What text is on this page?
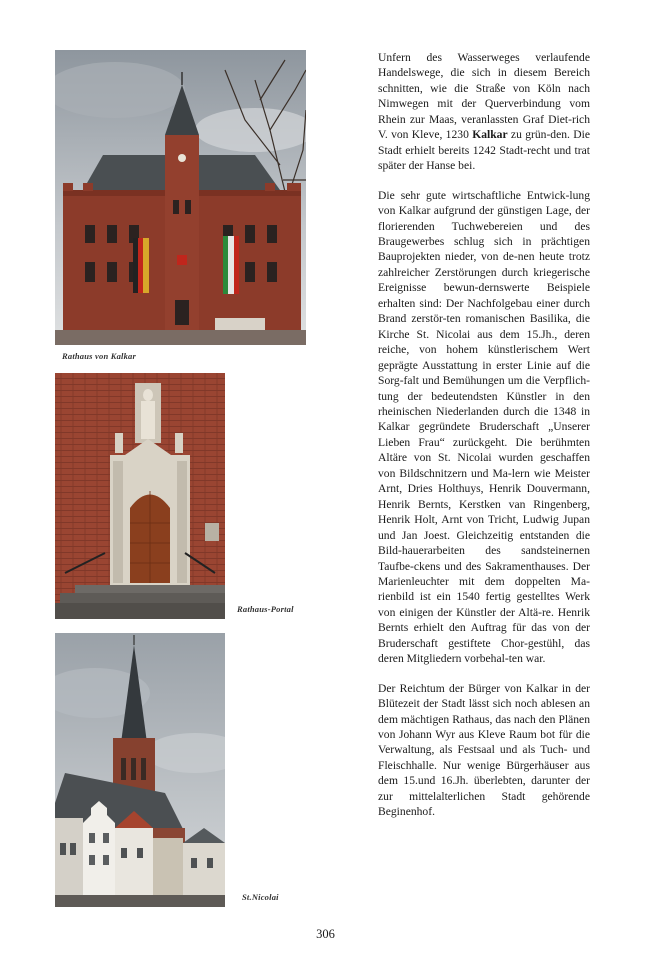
Rathaus von Kalkar
Rathaus-Portal
St.Nicolai

Unfern des Wasserweges verlaufende Handelswege, die sich in diesem Bereich schnitten, wie die Straße von Köln nach Nimwegen mit der Querverbindung vom Rhein zur Maas, veranlassten Graf Diet-rich V. von Kleve, 1230 Kalkar zu grün-den. Die Stadt erhielt bereits 1242 Stadt-recht und trat später der Hanse bei.

Die sehr gute wirtschaftliche Entwick-lung von Kalkar aufgrund der günstigen Lage, der florierenden Tuchwebereien und des Braugewerbes schlug sich in prächtigen Bauprojekten nieder, von de-nen heute trotz zahlreicher Zerstörungen durch kriegerische Ereignisse bewun-dernswerte Beispiele erhalten sind: Der Nachfolgebau einer durch Brand zerstör-ten romanischen Basilika, die Kirche St. Nicolai aus dem 15.Jh., deren reiche, von hohem künstlerischem Wert geprägte Ausstattung in erster Linie auf die Sorg-falt und Bemühungen um die Verpflich-tung der bedeutendsten Künstler in den rheinischen Niederlanden durch die 1348 in Kalkar gegründete Bruderschaft „Unserer Lieben Frau“ zurückgeht. Die berühmten Altäre von St. Nicolai wurden geschaffen von Bildschnitzern und Ma-lern wie Meister Arnt, Dries Holthuys, Henrik Douvermann, Henrik Bernts, Kerstken van Ringenberg, Henrik Holt, Arnt von Tricht, Ludwig Jupan und Jan Joest. Gleichzeitig entstanden die Bild-hauerarbeiten des sandsteinernen Taufbe-ckens und des Sakramenthauses. Der Marienleuchter mit dem doppelten Ma-rienbild ist ein 1540 fertig gestelltes Werk von einigen der Künstler der Altä-re. Henrik Bernts erhielt den Auftrag für das von der Bruderschaft gestiftete Chor-gestühl, das deren Mitgliedern vorbehal-ten war.

Der Reichtum der Bürger von Kalkar in der Blütezeit der Stadt lässt sich noch ablesen an dem mächtigen Rathaus, das nach den Plänen von Johann Wyr aus Kleve Raum bot für die Verwaltung, als Festsaal und als Tuch- und Fleischhalle. Nur wenige Bürgerhäuser aus dem 15.und 16.Jh. überlebten, darunter der zur mittelalterlichen Stadt gehörende Beginenhof.

306
